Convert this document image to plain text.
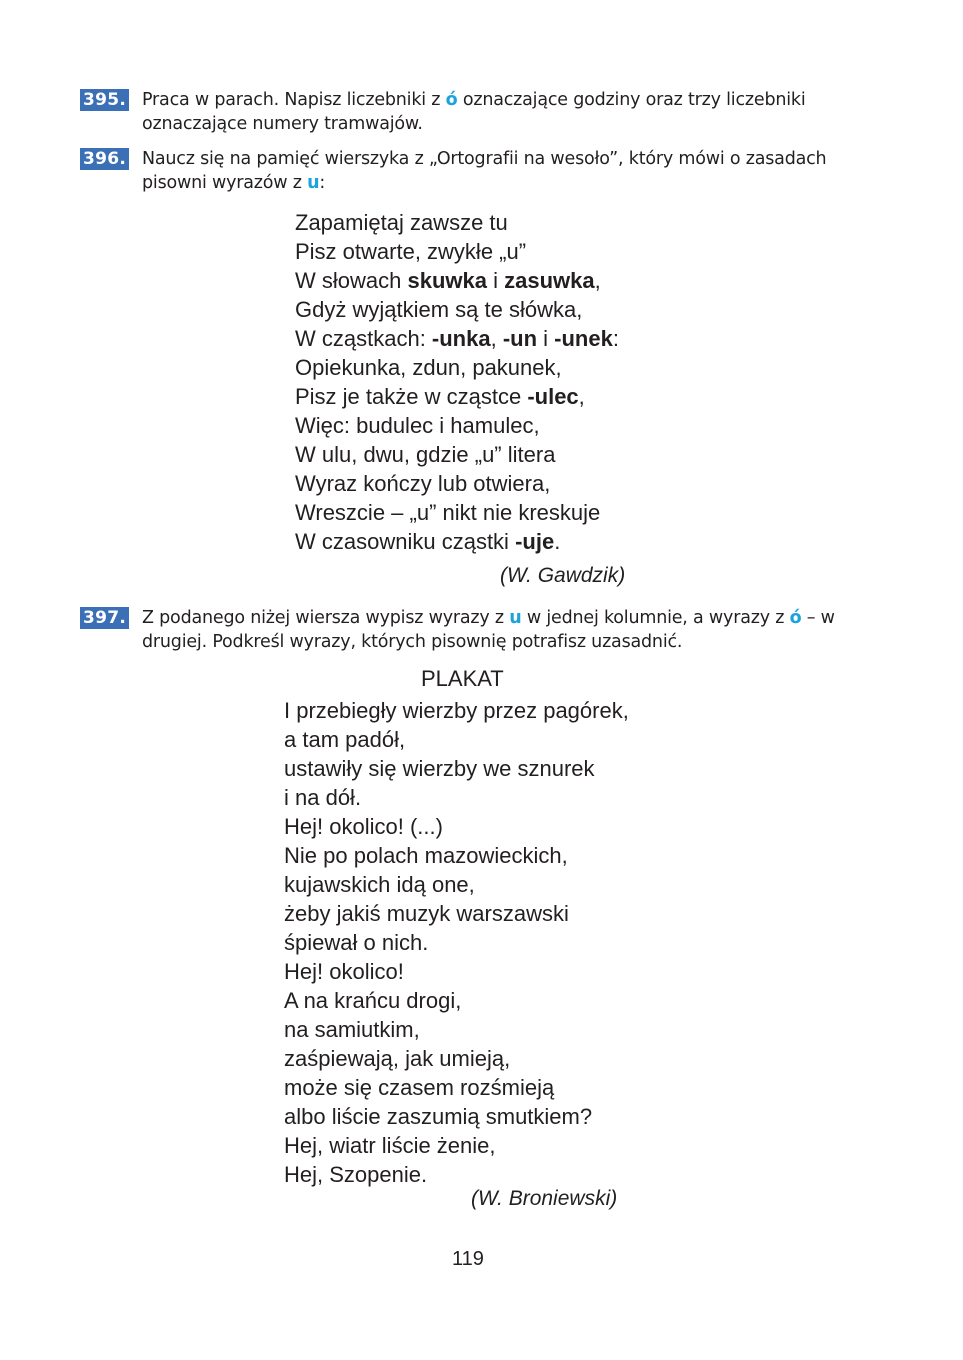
395. Praca w parach. Napisz liczebniki z ó oznaczające godziny oraz trzy liczebniki oznaczające numery tramwajów.
396. Naucz się na pamięć wierszyka z „Ortografii na wesoło”, który mówi o zasadach pisowni wyrazów z u:
Zapamiętaj zawsze tu
Pisz otwarte, zwykłe „u”
W słowach skuwka i zasuwka,
Gdyż wyjątkiem są te słówka,
W cząstkach: -unka, -un i -unek:
Opiekunka, zdun, pakunek,
Pisz je także w cząstce -ulec,
Więc: budulec i hamulec,
W ulu, dwu, gdzie „u” litera
Wyraz kończy lub otwiera,
Wreszcie – „u” nikt nie kreskuje
W czasowniku cząstki -uje.
(W. Gawdzik)
397. Z podanego niżej wiersza wypisz wyrazy z u w jednej kolumnie, a wyrazy z ó – w drugiej. Podkreśl wyrazy, których pisownię potrafisz uzasadnić.
PLAKAT
I przebiegły wierzby przez pagórek,
a tam padół,
ustawiły się wierzby we sznurek
i na dół.
Hej! okolico! (...)
Nie po polach mazowieckich,
kujawskich idą one,
żeby jakiś muzyk warszawski
śpiewał o nich.
Hej! okolico!
A na krańcu drogi,
na samiutkim,
zaśpiewają, jak umieją,
może się czasem rozśmieją
albo liście zaszumią smutkiem?
Hej, wiatr liście żenie,
Hej, Szopenie.
(W. Broniewski)
119
